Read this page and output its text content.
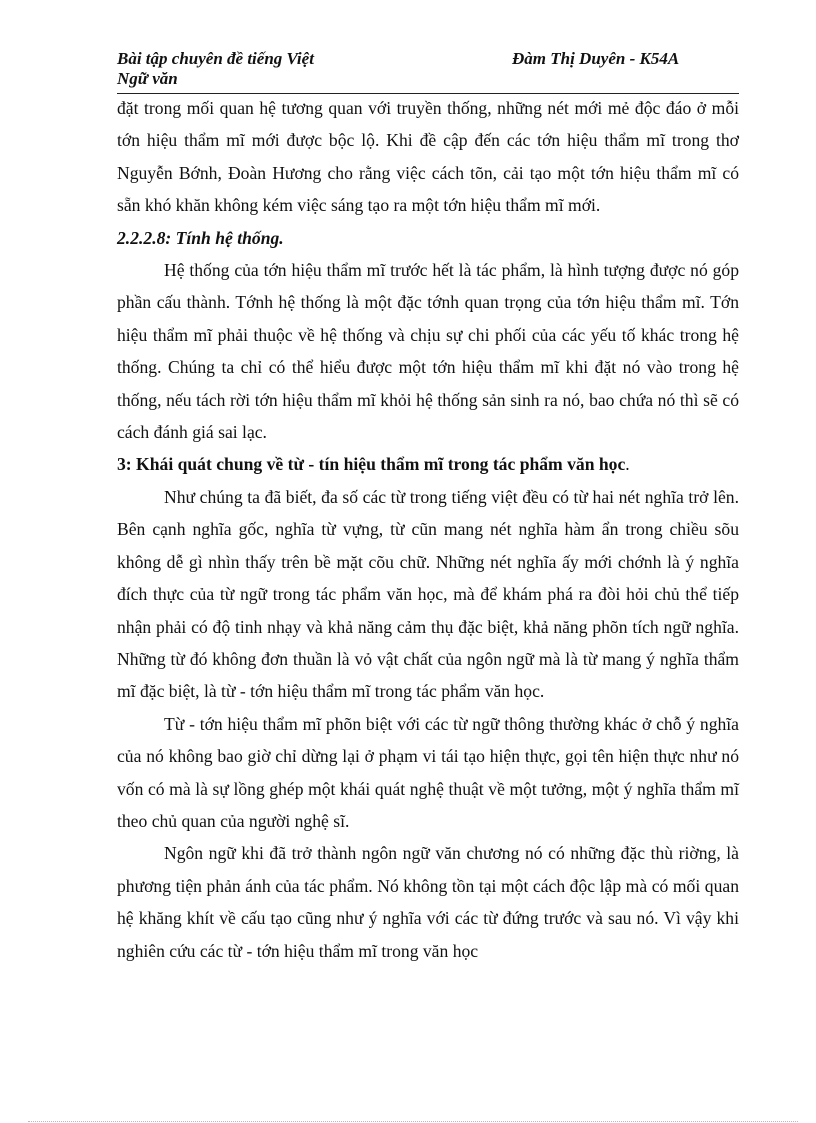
Bài tập chuyên đề tiếng Việt
Ngữ văn
Đàm Thị Duyên - K54A

đặt trong mối quan hệ tương quan với truyền thống, những nét mới mẻ độc đáo ở mỗi tớn hiệu thẩm mĩ mới được bộc lộ. Khi đề cập đến các tớn hiệu thẩm mĩ trong thơ Nguyễn Bớnh, Đoàn Hương cho rằng việc cách tõn, cải tạo một tớn hiệu thẩm mĩ có sẵn khó khăn không kém việc sáng tạo ra một tớn hiệu thẩm mĩ mới.

2.2.2.8: Tính hệ thống.

Hệ thống của tớn hiệu thẩm mĩ trước hết là tác phẩm, là hình tượng được nó góp phần cấu thành. Tớnh hệ thống là một đặc tớnh quan trọng của tớn hiệu thẩm mĩ. Tớn hiệu thẩm mĩ phải thuộc về hệ thống và chịu sự chi phối của các yếu tố khác trong hệ thống. Chúng ta chỉ có thể hiểu được một tớn hiệu thẩm mĩ khi đặt nó vào trong hệ thống, nếu tách rời tớn hiệu thẩm mĩ khỏi hệ thống sản sinh ra nó, bao chứa nó thì sẽ có cách đánh giá sai lạc.

3: Khái quát chung về từ - tín hiệu thẩm mĩ trong tác phẩm văn học.

Như chúng ta đã biết, đa số các từ trong tiếng việt đều có từ hai nét nghĩa trở lên. Bên cạnh nghĩa gốc, nghĩa từ vựng, từ cũn mang nét nghĩa hàm ẩn trong chiều sõu không dễ gì nhìn thấy trên bề mặt cõu chữ. Những nét nghĩa ấy mới chớnh là ý nghĩa đích thực của từ ngữ trong tác phẩm văn học, mà để khám phá ra đòi hỏi chủ thể tiếp nhận phải có độ tinh nhạy và khả năng cảm thụ đặc biệt, khả năng phõn tích ngữ nghĩa. Những từ đó không đơn thuần là vỏ vật chất của ngôn ngữ mà là từ mang ý nghĩa thẩm mĩ đặc biệt, là từ - tớn hiệu thẩm mĩ trong tác phẩm văn học.

Từ - tớn hiệu thẩm mĩ phõn biệt với các từ ngữ thông thường khác ở chỗ ý nghĩa của nó không bao giờ chỉ dừng lại ở phạm vi tái tạo hiện thực, gọi tên hiện thực như nó vốn có mà là sự lồng ghép một khái quát nghệ thuật về một tưởng, một ý nghĩa thẩm mĩ theo chủ quan của người nghệ sĩ.

Ngôn ngữ khi đã trở thành ngôn ngữ văn chương nó có những đặc thù riờng, là phương tiện phản ánh của tác phẩm. Nó không tồn tại một cách độc lập mà có mối quan hệ khăng khít về cấu tạo cũng như ý nghĩa với các từ đứng trước và sau nó. Vì vậy khi nghiên cứu các từ - tớn hiệu thẩm mĩ trong văn học
